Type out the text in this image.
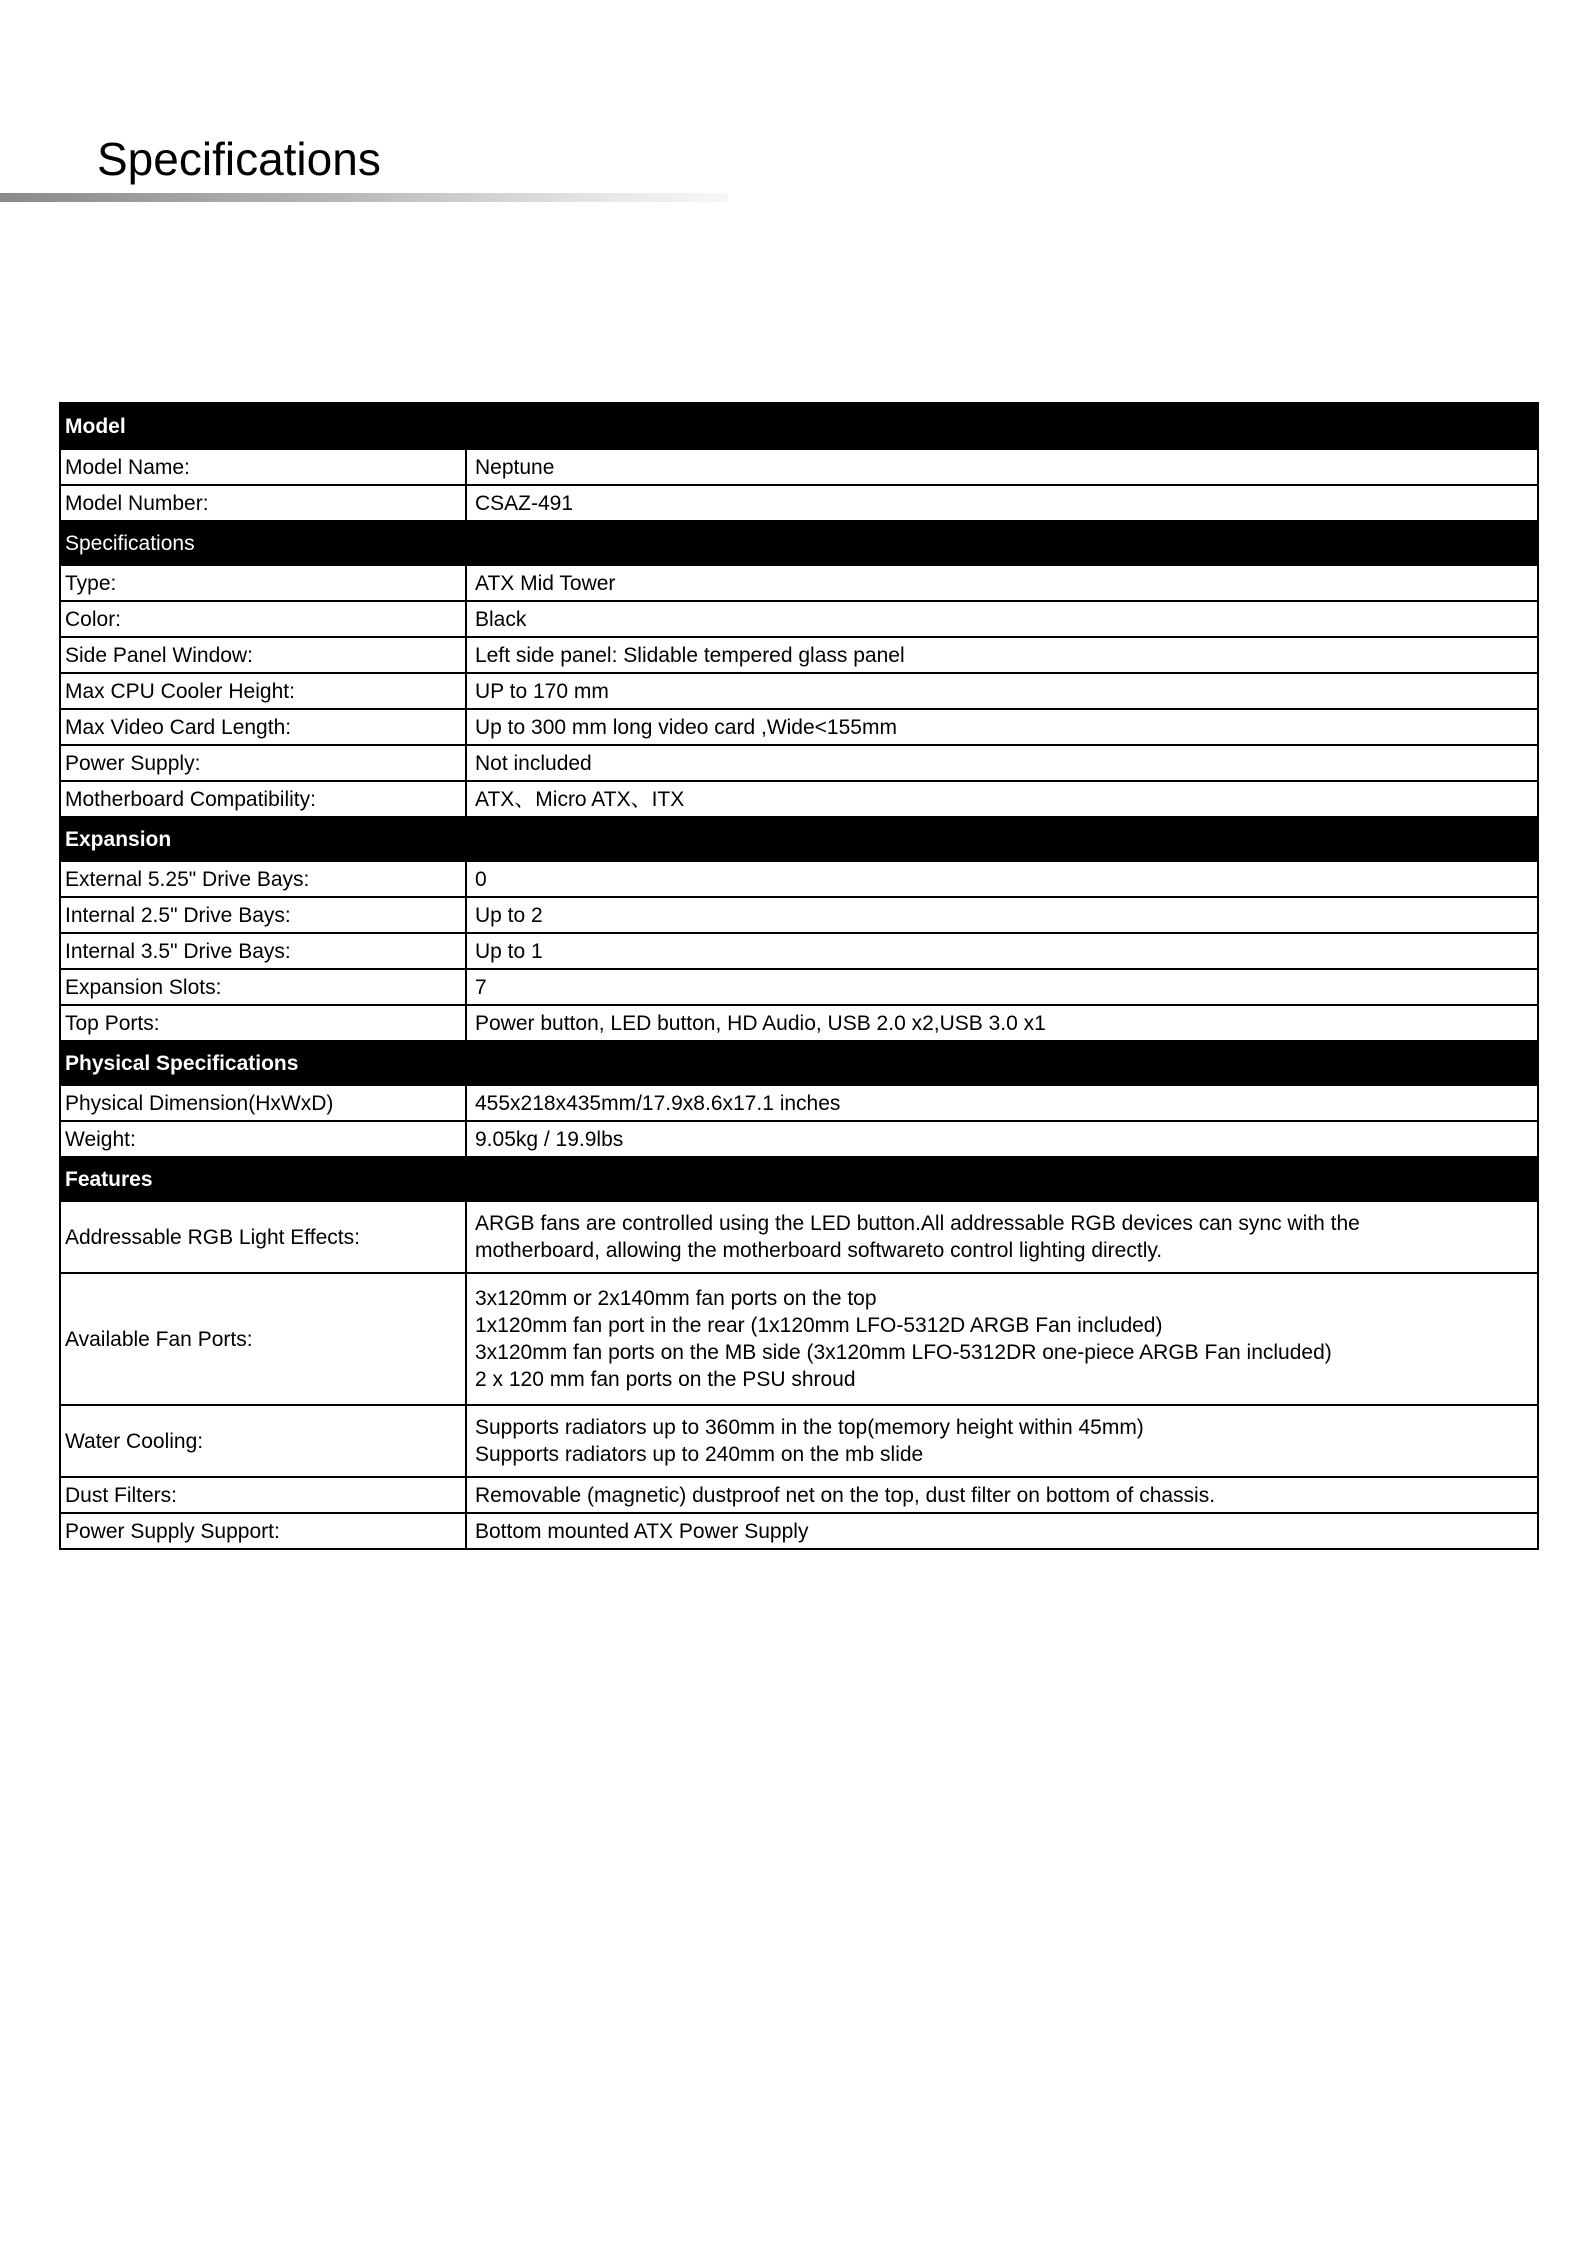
Specifications
Model	
Model Name:	Neptune

Model Number:	CSAZ-491

Specifications	
Type:	ATX Mid Tower

Color:	Black

Side Panel Window:	Left side panel: Slidable tempered glass panel

Max CPU Cooler Height:	UP to 170 mm

Max Video Card Length:	Up to 300 mm long video card ,Wide<155mm

Power Supply:	Not included

Motherboard Compatibility:	ATX、Micro ATX、ITX

Expansion	
External 5.25" Drive Bays:	0

Internal 2.5" Drive Bays:	Up to 2

Internal 3.5" Drive Bays:	Up to 1

Expansion Slots:	7

Top Ports:	Power button, LED button, HD Audio, USB 2.0 x2,USB 3.0 x1

Physical Specifications	
Physical Dimension(HxWxD)	455x218x435mm/17.9x8.6x17.1 inches

Weight:	9.05kg / 19.9lbs

Features	
Addressable RGB Light Effects:	ARGB fans are controlled using the LED button.All addressable RGB devices can sync with the
motherboard, allowing the motherboard softwareto control lighting directly.

Available Fan Ports:	3x120mm or 2x140mm fan ports on the top
1x120mm fan port in the rear (1x120mm LFO-5312D ARGB Fan included)
3x120mm fan ports on the MB side (3x120mm LFO-5312DR one-piece ARGB Fan included)
2 x 120 mm fan ports on the PSU shroud

Water Cooling:	Supports radiators up to 360mm in the top(memory height within 45mm)
Supports radiators up to 240mm on the mb slide

Dust Filters:	Removable (magnetic) dustproof net on the top, dust filter on bottom of chassis.

Power Supply Support:	Bottom mounted ATX Power Supply
